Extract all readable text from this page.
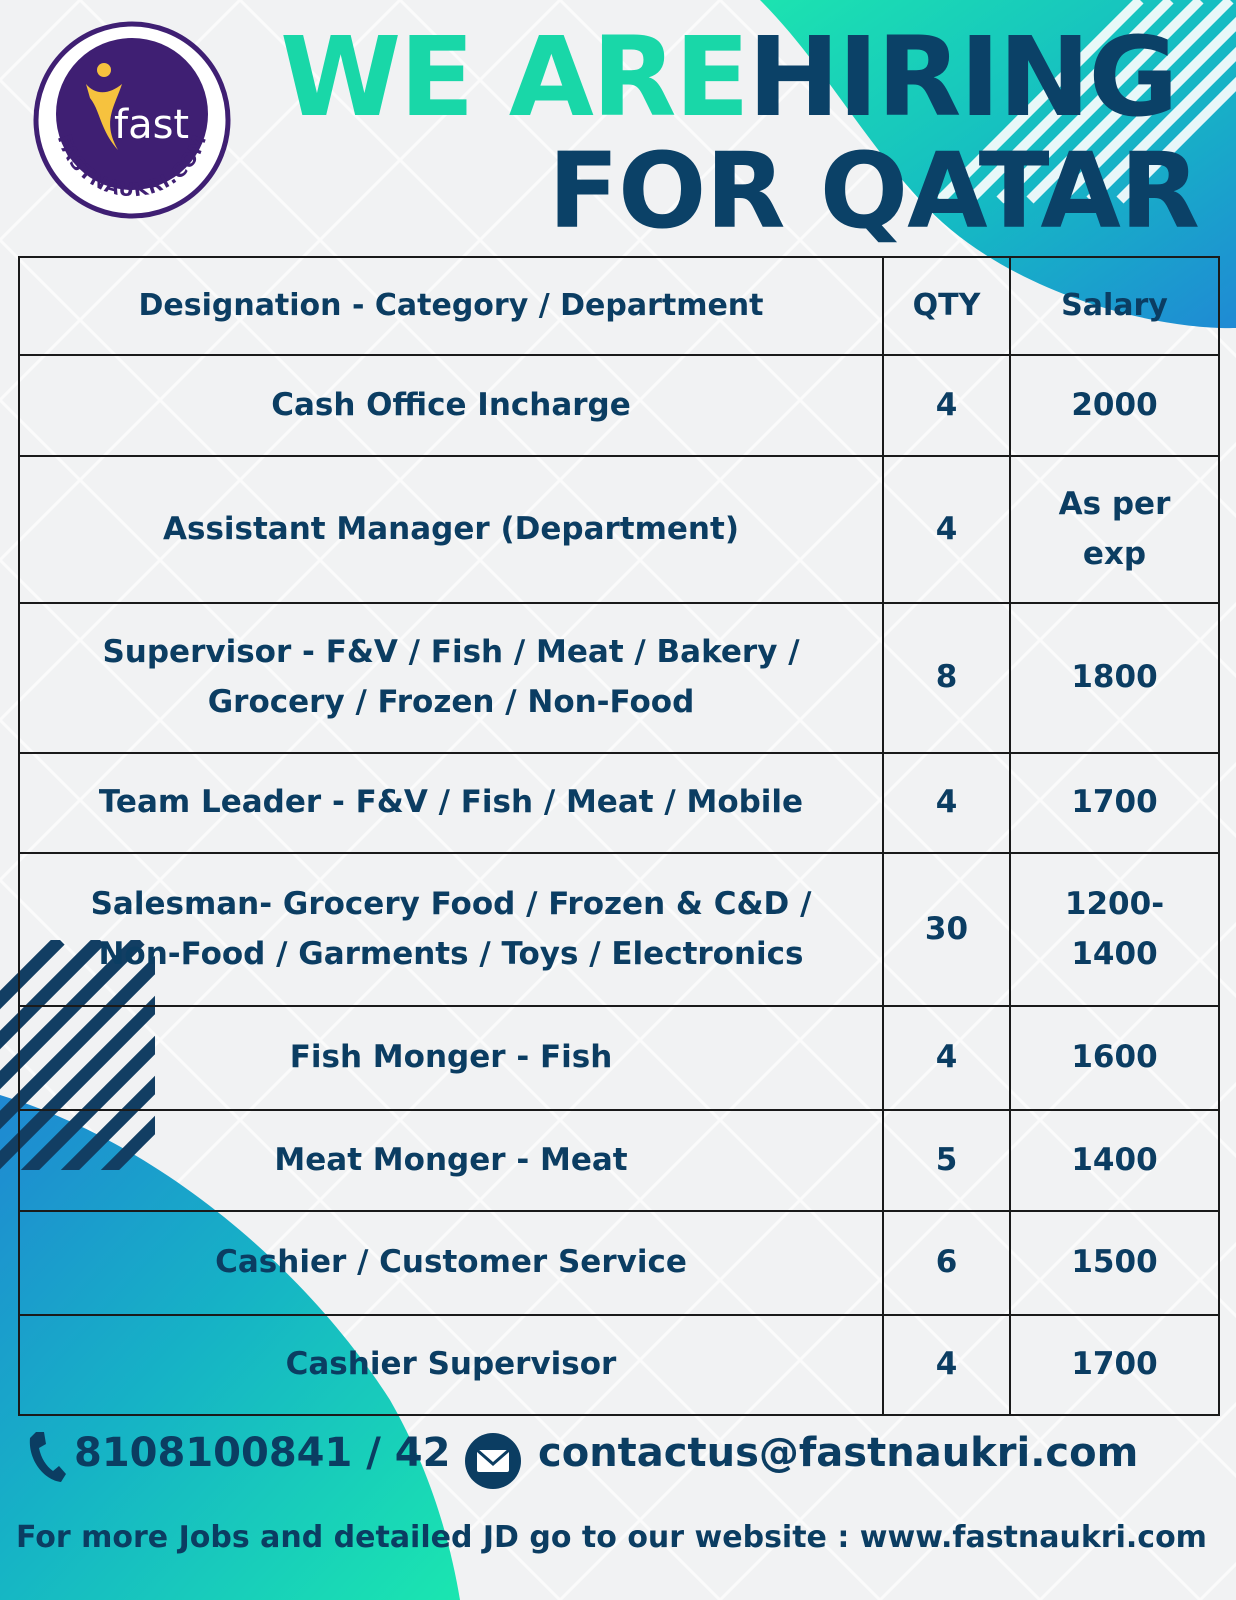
fast
FASTNAUKRI.COM
WE AREHIRING
FOR QATAR
Designation - Category / Department	QTY	Salary
Cash Office Incharge	4	2000
Assistant Manager (Department)	4	As per exp
Supervisor - F&V / Fish / Meat / Bakery / Grocery / Frozen / Non-Food	8	1800
Team Leader - F&V / Fish / Meat / Mobile	4	1700
Salesman- Grocery Food / Frozen & C&D / Non-Food / Garments / Toys / Electronics	30	1200-1400
Fish Monger - Fish	4	1600
Meat Monger - Meat	5	1400
Cashier / Customer Service	6	1500
Cashier Supervisor	4	1700
8108100841 / 42 contactus@fastnaukri.com
For more Jobs and detailed JD go to our website : www.fastnaukri.com
